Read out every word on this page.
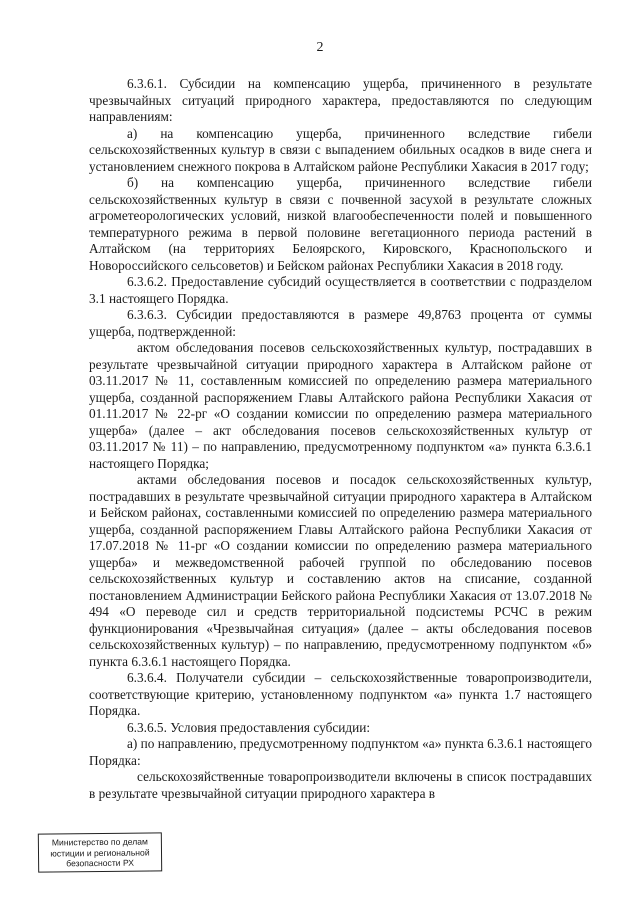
2

6.3.6.1. Субсидии на компенсацию ущерба, причиненного в результате чрезвычайных ситуаций природного характера, предоставляются по следующим направлениям:

а) на компенсацию ущерба, причиненного вследствие гибели сельскохозяйственных культур в связи с выпадением обильных осадков в виде снега и установлением снежного покрова в Алтайском районе Республики Хакасия в 2017 году;

б) на компенсацию ущерба, причиненного вследствие гибели сельскохозяйственных культур в связи с почвенной засухой в результате сложных агрометеорологических условий, низкой влагообеспеченности полей и повышенного температурного режима в первой половине вегетационного периода растений в Алтайском (на территориях Белоярского, Кировского, Краснопольского и Новороссийского сельсоветов) и Бейском районах Республики Хакасия в 2018 году.

6.3.6.2. Предоставление субсидий осуществляется в соответствии с подразделом 3.1 настоящего Порядка.

6.3.6.3. Субсидии предоставляются в размере 49,8763 процента от суммы ущерба, подтвержденной:

актом обследования посевов сельскохозяйственных культур, пострадавших в результате чрезвычайной ситуации природного характера в Алтайском районе от 03.11.2017 № 11, составленным комиссией по определению размера материального ущерба, созданной распоряжением Главы Алтайского района Республики Хакасия от 01.11.2017 № 22-рг «О создании комиссии по определению размера материального ущерба» (далее – акт обследования посевов сельскохозяйственных культур от 03.11.2017 № 11) – по направлению, предусмотренному подпунктом «а» пункта 6.3.6.1 настоящего Порядка;

актами обследования посевов и посадок сельскохозяйственных культур, пострадавших в результате чрезвычайной ситуации природного характера в Алтайском и Бейском районах, составленными комиссией по определению размера материального ущерба, созданной распоряжением Главы Алтайского района Республики Хакасия от 17.07.2018 № 11-рг «О создании комиссии по определению размера материального ущерба» и межведомственной рабочей группой по обследованию посевов сельскохозяйственных культур и составлению актов на списание, созданной постановлением Администрации Бейского района Республики Хакасия от 13.07.2018 № 494 «О переводе сил и средств территориальной подсистемы РСЧС в режим функционирования «Чрезвычайная ситуация» (далее – акты обследования посевов сельскохозяйственных культур) – по направлению, предусмотренному подпунктом «б» пункта 6.3.6.1 настоящего Порядка.

6.3.6.4. Получатели субсидии – сельскохозяйственные товаропроизводители, соответствующие критерию, установленному подпунктом «а» пункта 1.7 настоящего Порядка.

6.3.6.5. Условия предоставления субсидии:

а) по направлению, предусмотренному подпунктом «а» пункта 6.3.6.1 настоящего Порядка:

сельскохозяйственные товаропроизводители включены в список пострадавших в результате чрезвычайной ситуации природного характера в

Министерство по делам
юстиции и региональной
безопасности РХ
